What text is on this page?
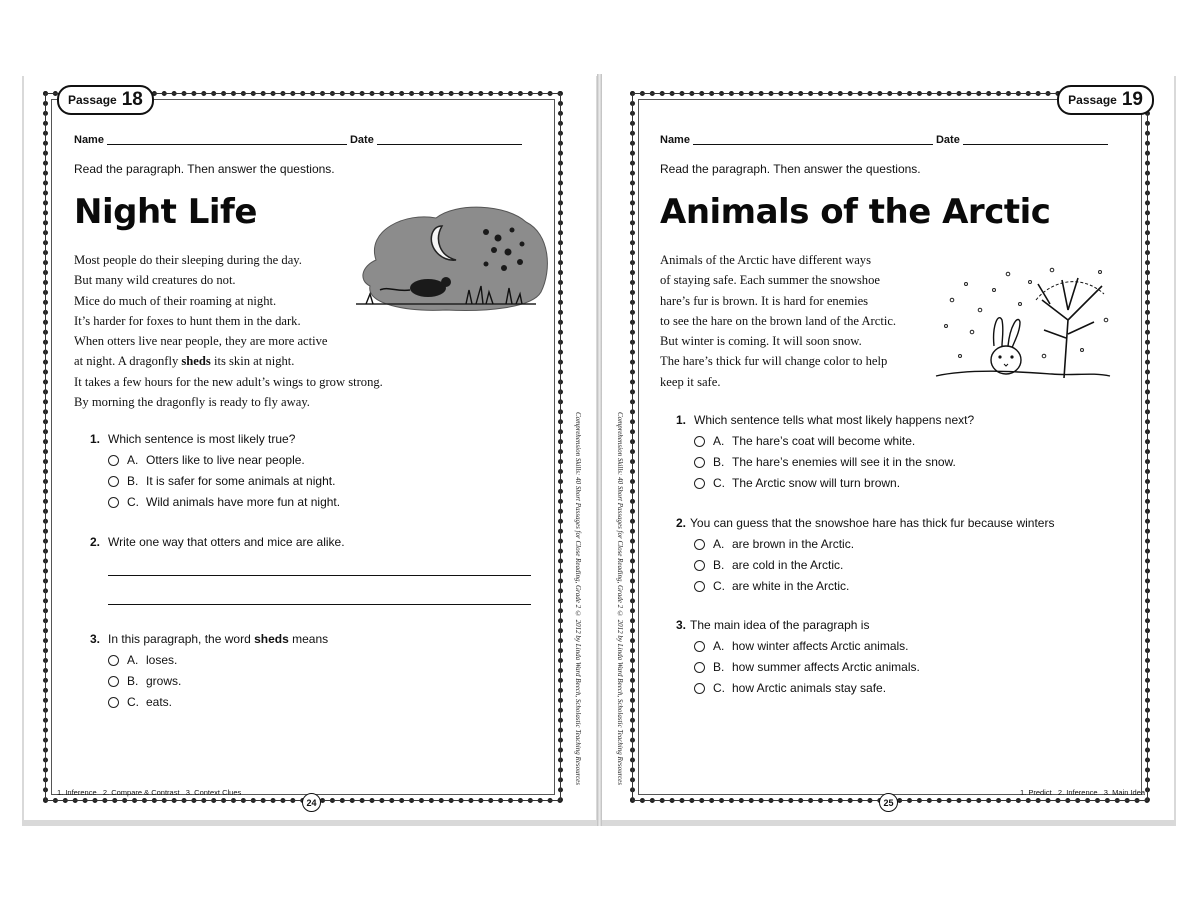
Passage 18
Name	Date
Read the paragraph. Then answer the questions.
Night Life
Most people do their sleeping during the day.
But many wild creatures do not.
Mice do much of their roaming at night.
It’s harder for foxes to hunt them in the dark.
When otters live near people, they are more active
at night. A dragonfly sheds its skin at night.
It takes a few hours for the new adult’s wings to grow strong.
By morning the dragonfly is ready to fly away.
1. Which sentence is most likely true?
A. Otters like to live near people.
B. It is safer for some animals at night.
C. Wild animals have more fun at night.
2. Write one way that otters and mice are alike.
3. In this paragraph, the word sheds means
A. loses.
B. grows.
C. eats.
1. Inference   2. Compare & Contrast   3. Context Clues
24
Comprehension Skills: 40 Short Passages for Close Reading, Grade 2 © 2012 by Linda Ward Beech, Scholastic Teaching Resources
Passage 19
Name	Date
Read the paragraph. Then answer the questions.
Animals of the Arctic
Animals of the Arctic have different ways
of staying safe. Each summer the snowshoe
hare’s fur is brown. It is hard for enemies
to see the hare on the brown land of the Arctic.
But winter is coming. It will soon snow.
The hare’s thick fur will change color to help
keep it safe.
1. Which sentence tells what most likely happens next?
A. The hare’s coat will become white.
B. The hare’s enemies will see it in the snow.
C. The Arctic snow will turn brown.
2. You can guess that the snowshoe hare has thick fur because winters
A. are brown in the Arctic.
B. are cold in the Arctic.
C. are white in the Arctic.
3. The main idea of the paragraph is
A. how winter affects Arctic animals.
B. how summer affects Arctic animals.
C. how Arctic animals stay safe.
1. Predict   2. Inference   3. Main Idea
25
Comprehension Skills: 40 Short Passages for Close Reading, Grade 2 © 2012 by Linda Ward Beech, Scholastic Teaching Resources
